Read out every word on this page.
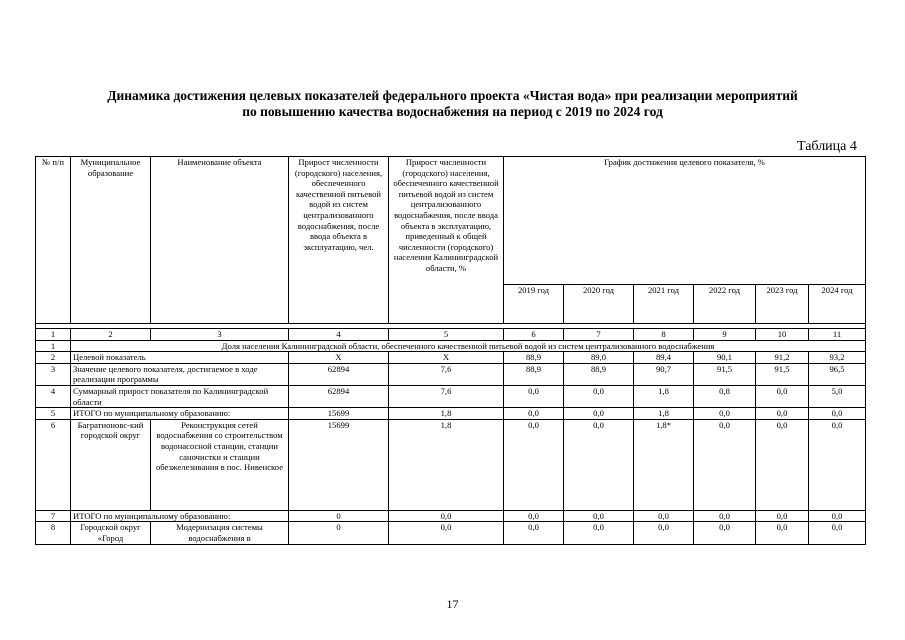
Динамика достижения целевых показателей федерального проекта «Чистая вода» при реализации мероприятий
по повышению качества водоснабжения на период с 2019 по 2024 год
Таблица 4
№ п/п	Муниципальное образование	Наименование объекта	Прирост численности (городского) населения, обеспеченного качественной питьевой водой из систем централизованного водоснабжения, после ввода объекта в эксплуатацию, чел.	Прирост численности (городского) населения, обеспеченного качественной питьевой водой из систем централизованного водоснабжения, после ввода объекта в эксплуатацию, приведенный к общей численности (городского) населения Калининградской области, %	График достижения целевого показателя, %					
					2019 год	2020 год	2021 год	2022 год	2023 год	2024 год

1	2	3	4	5	6	7	8	9	10	11
1	Доля населения Калининградской области, обеспеченного качественной питьевой водой из систем централизованного водоснабжения									
2	Целевой показатель		Х	Х	88,9	89,0	89,4	90,1	91,2	93,2
3	Значение целевого показателя, достигаемое в ходе реализации программы		62894	7,6	88,9	88,9	90,7	91,5	91,5	96,5
4	Суммарный прирост показателя по Калининградской области		62894	7,6	0,0	0,0	1,8	0,8	0,0	5,0
5	ИТОГО по муниципальному образованию:		15699	1,8	0,0	0,0	1,8	0,0	0,0	0,0
6	Багратионовс-кий городской округ	Реконструкция сетей водоснабжения со строительством водонасосной станции, станции саночистки и станции обезжелезивания в пос. Нивенское	15699	1,8	0,0	0,0	1,8*	0,0	0,0	0,0
7	ИТОГО по муниципальному образованию:		0	0,0	0,0	0,0	0,0	0,0	0,0	0,0
8	Городской округ «Город	Модернизация системы водоснабжения в	0	0,0	0,0	0,0	0,0	0,0	0,0	0,0
17
